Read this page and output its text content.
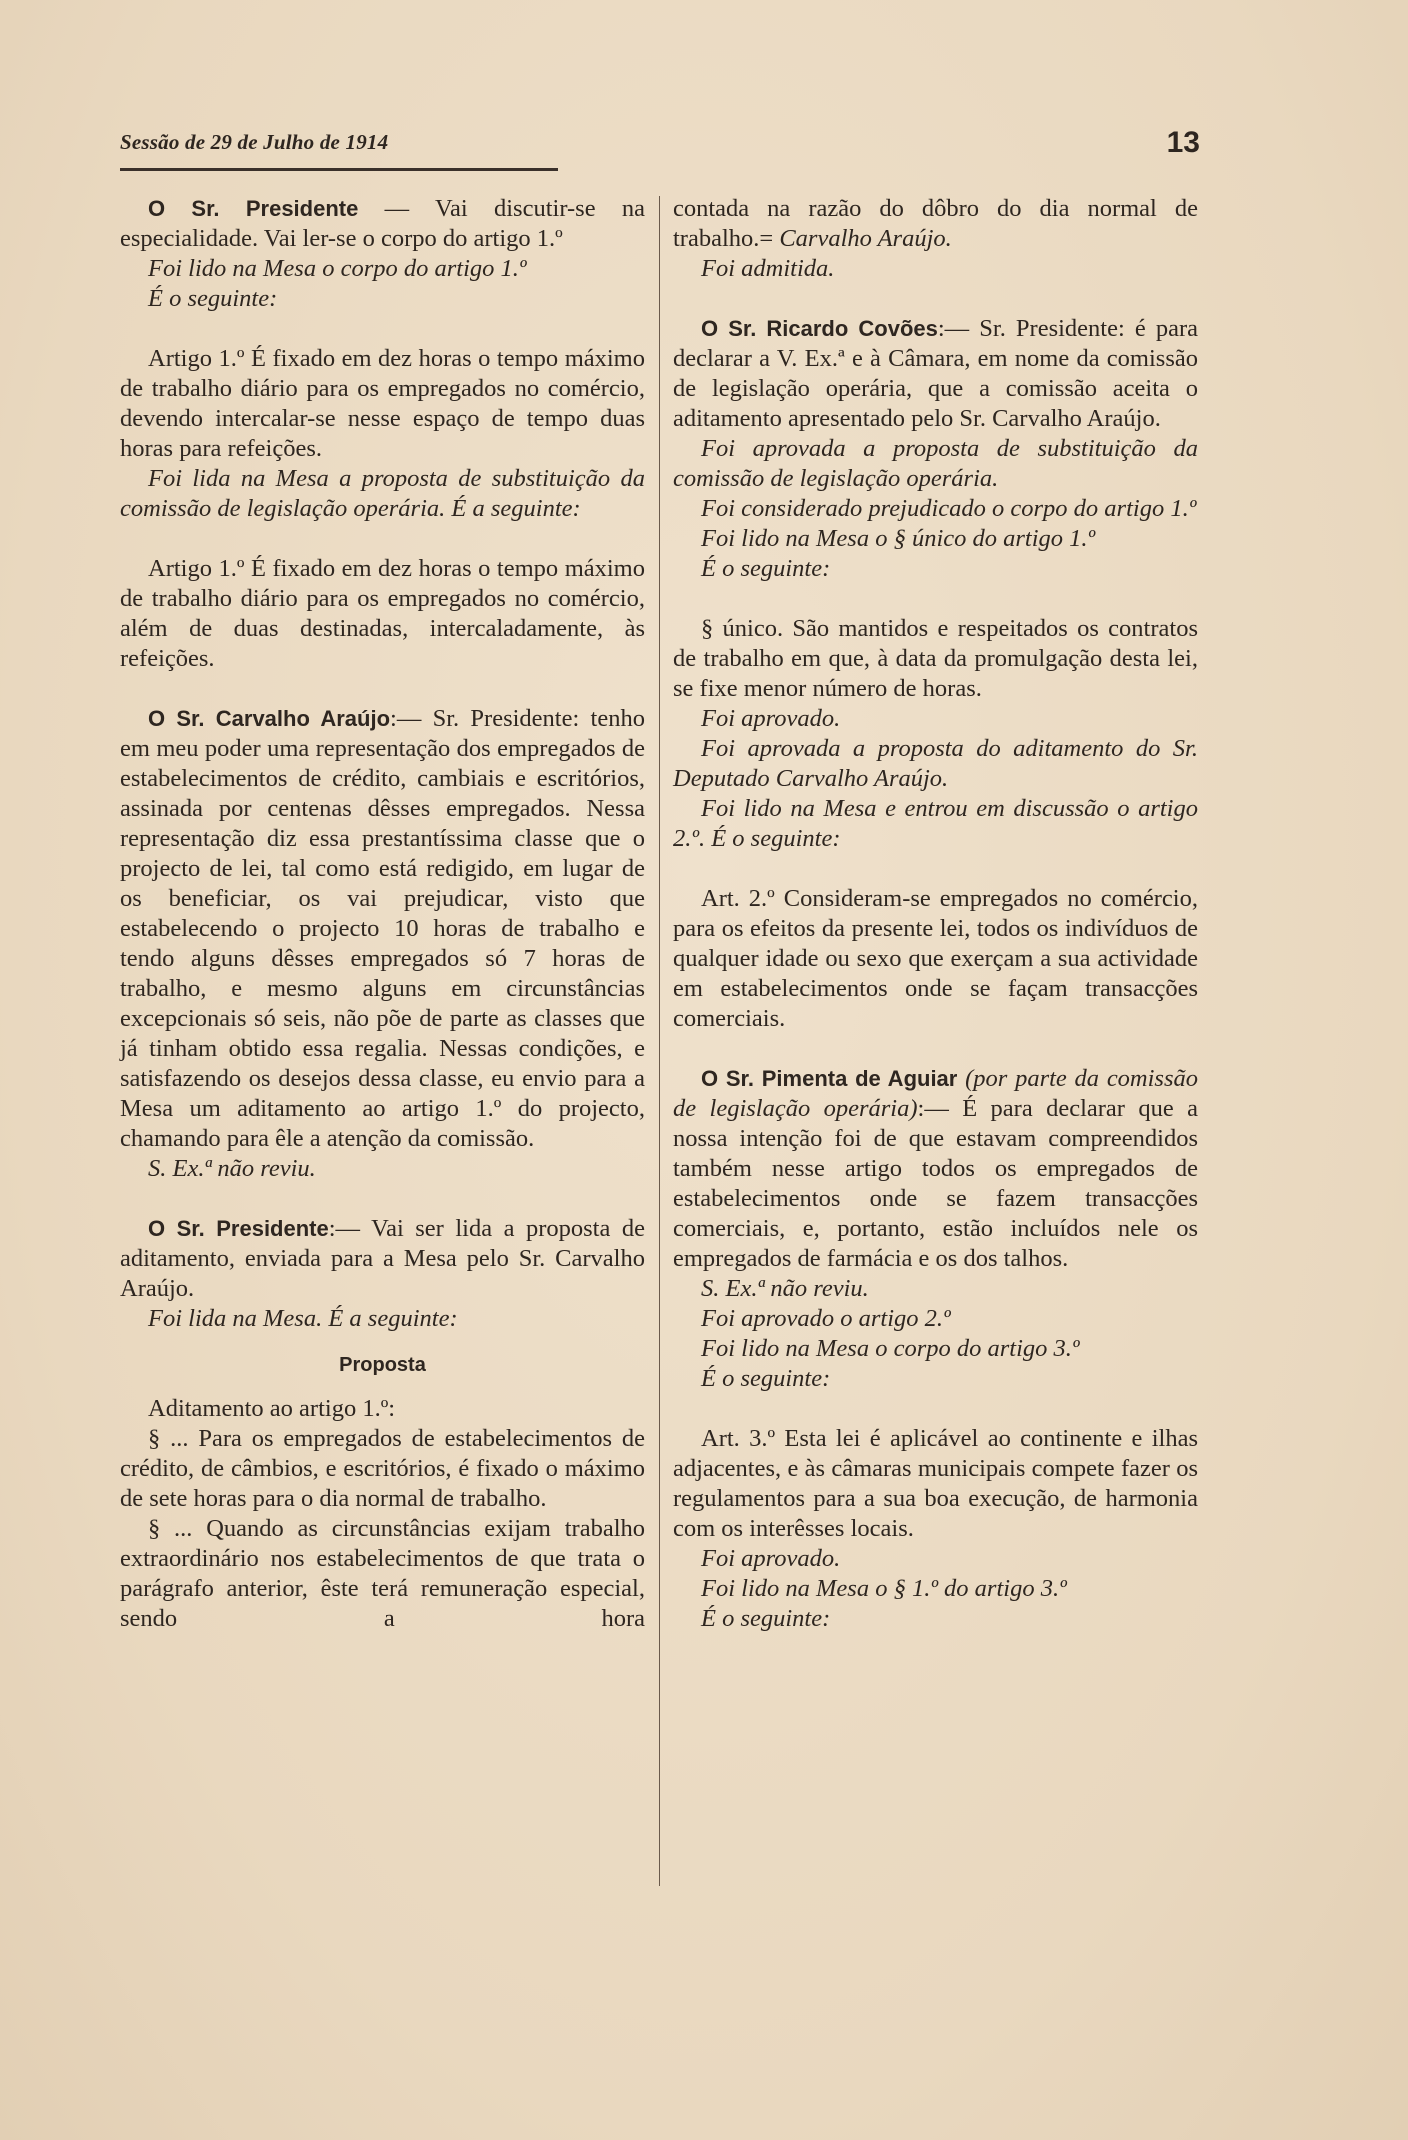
Sessão de 29 de Julho de 1914	13

O Sr. Presidente — Vai discutir-se na especialidade. Vai ler-se o corpo do artigo 1.º

Foi lido na Mesa o corpo do artigo 1.º

É o seguinte:

Artigo 1.º É fixado em dez horas o tempo máximo de trabalho diário para os empregados no comércio, devendo intercalar-se nesse espaço de tempo duas horas para refeições.

Foi lida na Mesa a proposta de substituição da comissão de legislação operária. É a seguinte:

Artigo 1.º É fixado em dez horas o tempo máximo de trabalho diário para os empregados no comércio, além de duas destinadas, intercaladamente, às refeições.

O Sr. Carvalho Araújo:— Sr. Presidente: tenho em meu poder uma representação dos empregados de estabelecimentos de crédito, cambiais e escritórios, assinada por centenas dêsses empregados. Nessa representação diz essa prestantíssima classe que o projecto de lei, tal como está redigido, em lugar de os beneficiar, os vai prejudicar, visto que estabelecendo o projecto 10 horas de trabalho e tendo alguns dêsses empregados só 7 horas de trabalho, e mesmo alguns em circunstâncias excepcionais só seis, não põe de parte as classes que já tinham obtido essa regalia. Nessas condições, e satisfazendo os desejos dessa classe, eu envio para a Mesa um aditamento ao artigo 1.º do projecto, chamando para êle a atenção da comissão.

S. Ex.ª não reviu.

O Sr. Presidente:— Vai ser lida a proposta de aditamento, enviada para a Mesa pelo Sr. Carvalho Araújo.

Foi lida na Mesa. É a seguinte:

Proposta

Aditamento ao artigo 1.º:

§ ... Para os empregados de estabelecimentos de crédito, de câmbios, e escritórios, é fixado o máximo de sete horas para o dia normal de trabalho.

§ ... Quando as circunstâncias exijam trabalho extraordinário nos estabelecimentos de que trata o parágrafo anterior, êste terá remuneração especial, sendo a hora

contada na razão do dôbro do dia normal de trabalho.= Carvalho Araújo.

Foi admitida.

O Sr. Ricardo Covões:— Sr. Presidente: é para declarar a V. Ex.ª e à Câmara, em nome da comissão de legislação operária, que a comissão aceita o aditamento apresentado pelo Sr. Carvalho Araújo.

Foi aprovada a proposta de substituição da comissão de legislação operária.

Foi considerado prejudicado o corpo do artigo 1.º

Foi lido na Mesa o § único do artigo 1.º

É o seguinte:

§ único. São mantidos e respeitados os contratos de trabalho em que, à data da promulgação desta lei, se fixe menor número de horas.

Foi aprovado.

Foi aprovada a proposta do aditamento do Sr. Deputado Carvalho Araújo.

Foi lido na Mesa e entrou em discussão o artigo 2.º. É o seguinte:

Art. 2.º Consideram-se empregados no comércio, para os efeitos da presente lei, todos os indivíduos de qualquer idade ou sexo que exerçam a sua actividade em estabelecimentos onde se façam transacções comerciais.

O Sr. Pimenta de Aguiar (por parte da comissão de legislação operária):— É para declarar que a nossa intenção foi de que estavam compreendidos também nesse artigo todos os empregados de estabelecimentos onde se fazem transacções comerciais, e, portanto, estão incluídos nele os empregados de farmácia e os dos talhos.

S. Ex.ª não reviu.

Foi aprovado o artigo 2.º

Foi lido na Mesa o corpo do artigo 3.º

É o seguinte:

Art. 3.º Esta lei é aplicável ao continente e ilhas adjacentes, e às câmaras municipais compete fazer os regulamentos para a sua boa execução, de harmonia com os interêsses locais.

Foi aprovado.

Foi lido na Mesa o § 1.º do artigo 3.º

É o seguinte:
